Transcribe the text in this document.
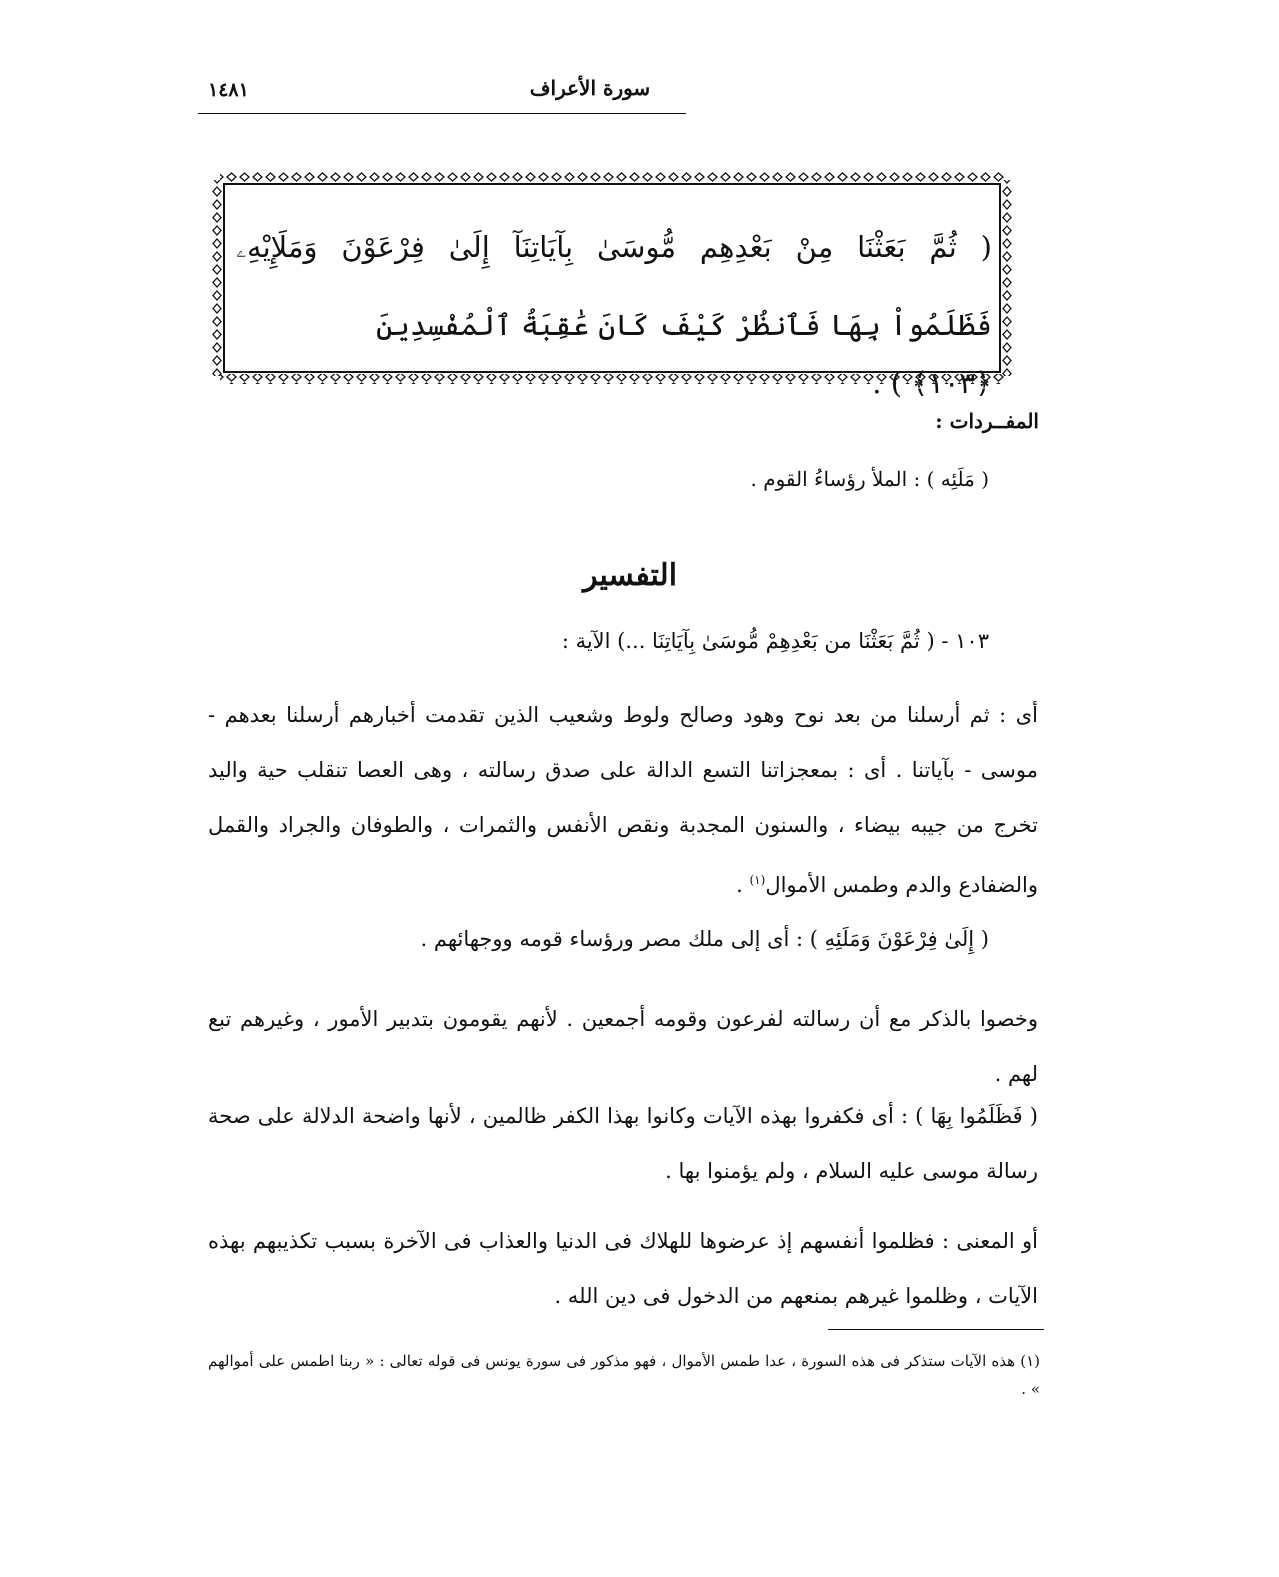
سورة الأعراف
١٤٨١
( ثُمَّ بَعَثْنَا مِنْ بَعْدِهِم مُّوسَىٰ بِآيَاتِنَآ إِلَىٰ فِرْعَوْنَ وَمَلَإِيْهِۦ
فَظَلَمُواْ بِهَا فَٱنظُرْ كَيْفَ كَانَ عَٰقِبَةُ ٱلْمُفْسِدِينَ ﴿١٠٣﴾ ) .
المفــردات :
( مَلَئِه ) : الملأ رؤساءُ القوم .
التفسير
١٠٣ - ( ثُمَّ بَعَثْنَا من بَعْدِهِمْ مُّوسَىٰ بِآيَاتِنَا ...) الآية :
أى : ثم أرسلنا من بعد نوح وهود وصالح ولوط وشعيب الذين تقدمت أخبارهم أرسلنا بعدهم - موسى - بآياتنا . أى : بمعجزاتنا التسع الدالة على صدق رسالته ، وهى العصا تنقلب حية واليد تخرج من جيبه بيضاء ، والسنون المجدبة ونقص الأنفس والثمرات ، والطوفان والجراد والقمل والضفادع والدم وطمس الأموال$^{(١)}$ .
( إِلَىٰ فِرْعَوْنَ وَمَلَئِهِ ) : أى إلى ملك مصر ورؤساء قومه ووجهائهم .
وخصوا بالذكر مع أن رسالته لفرعون وقومه أجمعين . لأنهم يقومون بتدبير الأمور ، وغيرهم تبع لهم .
( فَظَلَمُوا بِهَا ) : أى فكفروا بهذه الآيات وكانوا بهذا الكفر ظالمين ، لأنها واضحة الدلالة على صحة رسالة موسى عليه السلام ، ولم يؤمنوا بها .
أو المعنى : فظلموا أنفسهم إذ عرضوها للهلاك فى الدنيا والعذاب فى الآخرة بسبب تكذيبهم بهذه الآيات ، وظلموا غيرهم بمنعهم من الدخول فى دين الله .
(١) هذه الآيات ستذكر فى هذه السورة ، عدا طمس الأموال ، فهو مذكور فى سورة يونس فى قوله تعالى : « ربنا اطمس على أموالهم » .
